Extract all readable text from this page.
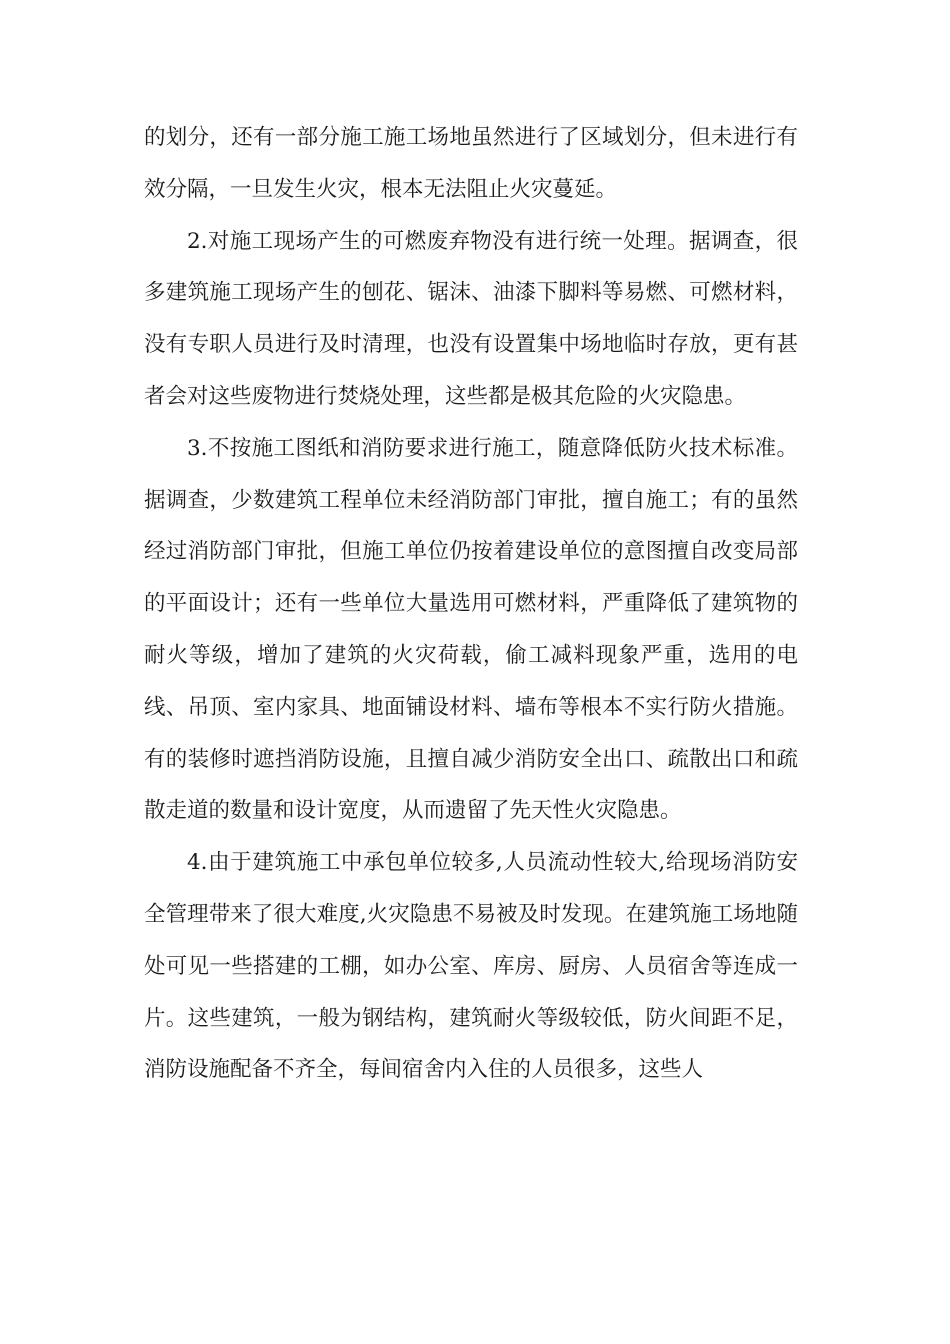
的划分，还有一部分施工施工场地虽然进行了区域划分，但未进行有效分隔，一旦发生火灾，根本无法阻止火灾蔓延。

2.对施工现场产生的可燃废弃物没有进行统一处理。据调查，很多建筑施工现场产生的刨花、锯沫、油漆下脚料等易燃、可燃材料，没有专职人员进行及时清理，也没有设置集中场地临时存放，更有甚者会对这些废物进行焚烧处理，这些都是极其危险的火灾隐患。

3.不按施工图纸和消防要求进行施工，随意降低防火技术标准。据调查，少数建筑工程单位未经消防部门审批，擅自施工；有的虽然经过消防部门审批，但施工单位仍按着建设单位的意图擅自改变局部的平面设计；还有一些单位大量选用可燃材料，严重降低了建筑物的耐火等级，增加了建筑的火灾荷载，偷工减料现象严重，选用的电线、吊顶、室内家具、地面铺设材料、墙布等根本不实行防火措施。有的装修时遮挡消防设施，且擅自减少消防安全出口、疏散出口和疏散走道的数量和设计宽度，从而遗留了先天性火灾隐患。

4.由于建筑施工中承包单位较多,人员流动性较大,给现场消防安全管理带来了很大难度,火灾隐患不易被及时发现。在建筑施工场地随处可见一些搭建的工棚，如办公室、库房、厨房、人员宿舍等连成一片。这些建筑，一般为钢结构，建筑耐火等级较低，防火间距不足，消防设施配备不齐全，每间宿舍内入住的人员很多，这些人
